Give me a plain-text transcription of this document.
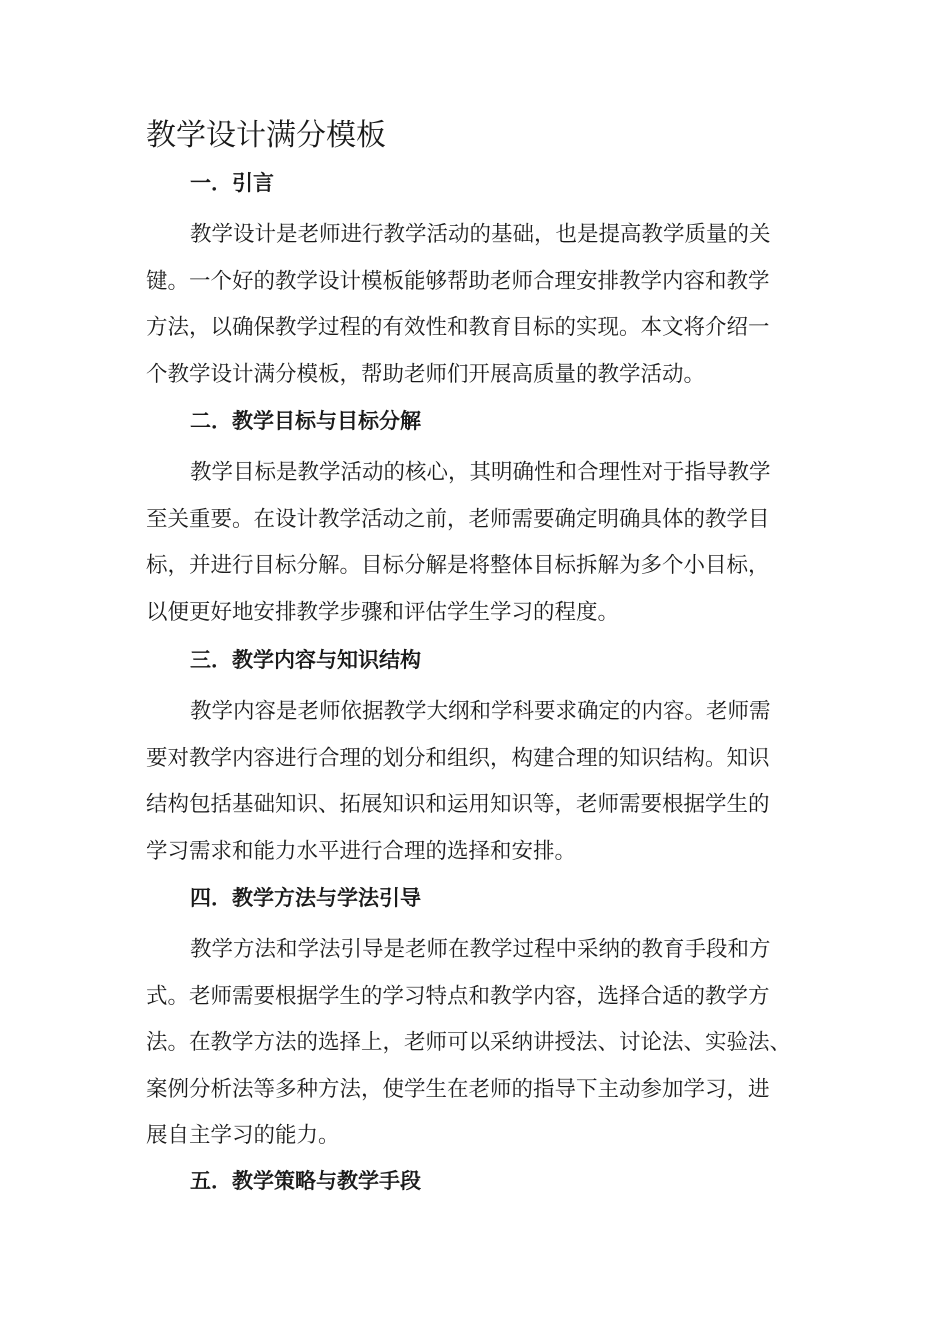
教学设计满分模板
一．引言

教学设计是老师进行教学活动的基础，也是提高教学质量的关
键。一个好的教学设计模板能够帮助老师合理安排教学内容和教学
方法，以确保教学过程的有效性和教育目标的实现。本文将介绍一
个教学设计满分模板，帮助老师们开展高质量的教学活动。

二．教学目标与目标分解

教学目标是教学活动的核心，其明确性和合理性对于指导教学
至关重要。在设计教学活动之前，老师需要确定明确具体的教学目
标，并进行目标分解。目标分解是将整体目标拆解为多个小目标，
以便更好地安排教学步骤和评估学生学习的程度。

三．教学内容与知识结构

教学内容是老师依据教学大纲和学科要求确定的内容。老师需
要对教学内容进行合理的划分和组织，构建合理的知识结构。知识
结构包括基础知识、拓展知识和运用知识等，老师需要根据学生的
学习需求和能力水平进行合理的选择和安排。

四．教学方法与学法引导

教学方法和学法引导是老师在教学过程中采纳的教育手段和方
式。老师需要根据学生的学习特点和教学内容，选择合适的教学方
法。在教学方法的选择上，老师可以采纳讲授法、讨论法、实验法、
案例分析法等多种方法，使学生在老师的指导下主动参加学习，进
展自主学习的能力。

五．教学策略与教学手段
